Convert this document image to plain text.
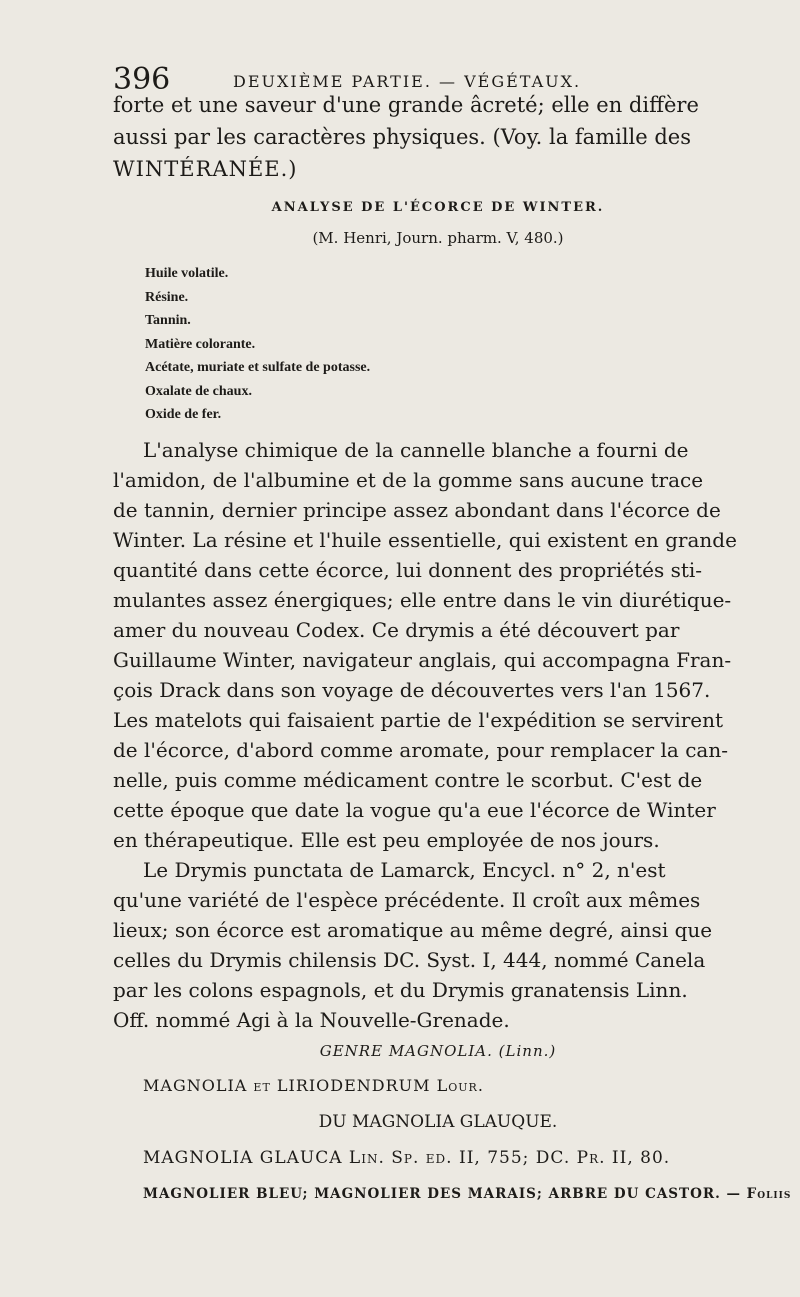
396	DEUXIÈME PARTIE. — VÉGÉTAUX.
forte et une saveur d'une grande âcreté; elle en diffère
aussi par les caractères physiques. (Voy. la famille des
WINTÉRANÉE.)
ANALYSE DE L'ÉCORCE DE WINTER.
(M. Henri, Journ. pharm. V, 480.)
Huile volatile.
Résine.
Tannin.
Matière colorante.
Acétate, muriate et sulfate de potasse.
Oxalate de chaux.
Oxide de fer.
L'analyse chimique de la cannelle blanche a fourni de
l'amidon, de l'albumine et de la gomme sans aucune trace
de tannin, dernier principe assez abondant dans l'écorce de
Winter. La résine et l'huile essentielle, qui existent en grande
quantité dans cette écorce, lui donnent des propriétés sti-
mulantes assez énergiques; elle entre dans le vin diurétique-
amer du nouveau Codex. Ce drymis a été découvert par
Guillaume Winter, navigateur anglais, qui accompagna Fran-
çois Drack dans son voyage de découvertes vers l'an 1567.
Les matelots qui faisaient partie de l'expédition se servirent
de l'écorce, d'abord comme aromate, pour remplacer la can-
nelle, puis comme médicament contre le scorbut. C'est de
cette époque que date la vogue qu'a eue l'écorce de Winter
en thérapeutique. Elle est peu employée de nos jours.
Le Drymis punctata de Lamarck, Encycl. n° 2, n'est
qu'une variété de l'espèce précédente. Il croît aux mêmes
lieux; son écorce est aromatique au même degré, ainsi que
celles du Drymis chilensis DC. Syst. I, 444, nommé Canela
par les colons espagnols, et du Drymis granatensis Linn.
Off. nommé Agi à la Nouvelle-Grenade.
GENRE MAGNOLIA. (Linn.)
MAGNOLIA et LIRIODENDRUM Lour.
DU MAGNOLIA GLAUQUE.
MAGNOLIA GLAUCA Lin. Sp. ed. II, 755; DC. Pr. II, 80.
MAGNOLIER BLEU; MAGNOLIER DES MARAIS; ARBRE DU CASTOR. — Foliis
